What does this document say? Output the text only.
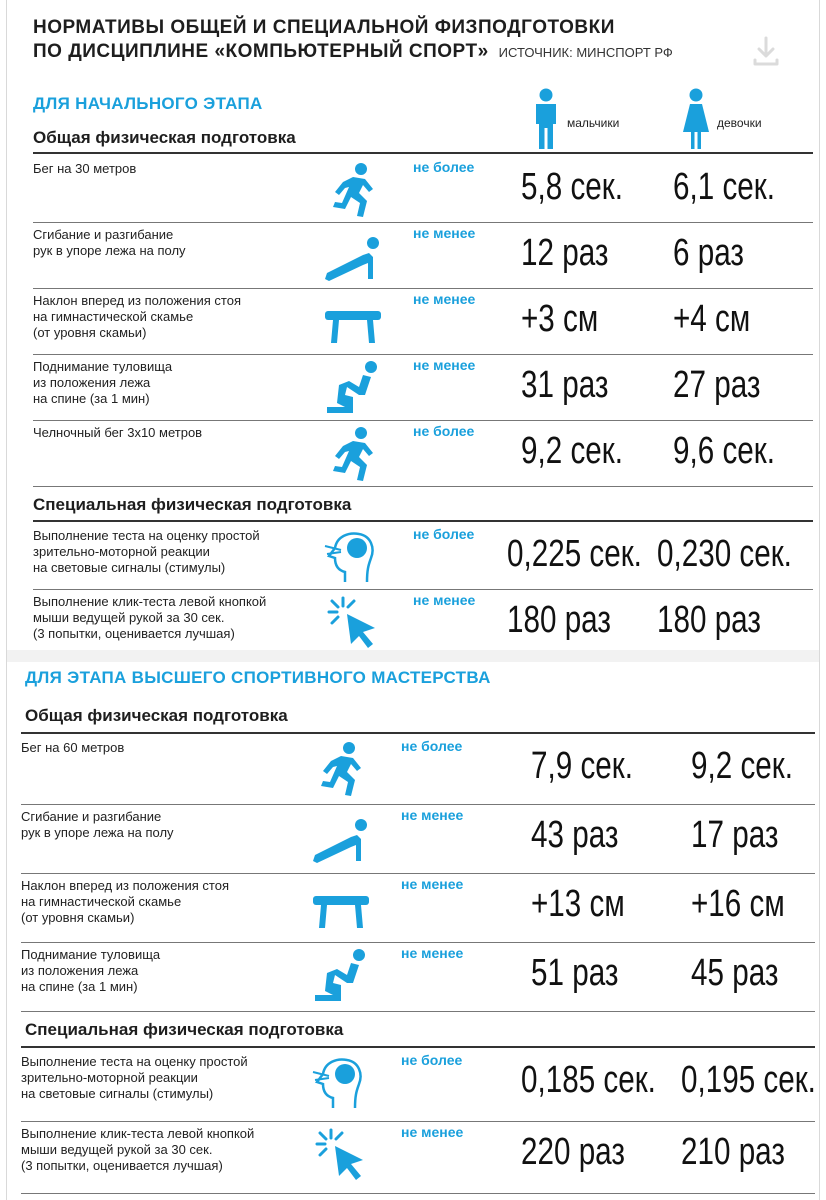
НОРМАТИВЫ ОБЩЕЙ И СПЕЦИАЛЬНОЙ ФИЗПОДГОТОВКИ
ПО ДИСЦИПЛИНЕ «КОМПЬЮТЕРНЫЙ СПОРТ» ИСТОЧНИК: МИНСПОРТ РФ
мальчики	девочки
ДЛЯ НАЧАЛЬНОГО ЭТАПА
Общая физическая подготовка
Бег на 30 метров	не более 5,8 сек. 6,1 сек.
Сгибание и разгибание
рук в упоре лежа на полу
не менее 12 раз 6 раз
Наклон вперед из положения стоя
на гимнастической скамье
(от уровня скамьи)
не менее +3 см +4 см
Поднимание туловища
из положения лежа
на спине (за 1 мин)
не менее 31 раз 27 раз
Челночный бег 3х10 метров	не более 9,2 сек. 9,6 сек.
Специальная физическая подготовка
Выполнение теста на оценку простой
зрительно-моторной реакции
на световые сигналы (стимулы)
не более 0,225 сек. 0,230 сек.
Выполнение клик-теста левой кнопкой
мыши ведущей рукой за 30 сек.
(3 попытки, оценивается лучшая)
не менее 180 раз 180 раз
ДЛЯ ЭТАПА ВЫСШЕГО СПОРТИВНОГО МАСТЕРСТВА
Общая физическая подготовка
Бег на 60 метров	не более 7,9 сек. 9,2 сек.
Сгибание и разгибание
рук в упоре лежа на полу
не менее 43 раз 17 раз
Наклон вперед из положения стоя
на гимнастической скамье
(от уровня скамьи)
не менее +13 см +16 см
Поднимание туловища
из положения лежа
на спине (за 1 мин)
не менее 51 раз 45 раз
Специальная физическая подготовка
Выполнение теста на оценку простой
зрительно-моторной реакции
на световые сигналы (стимулы)
не более 0,185 сек. 0,195 сек.
Выполнение клик-теста левой кнопкой
мыши ведущей рукой за 30 сек.
(3 попытки, оценивается лучшая)
не менее 220 раз 210 раз
